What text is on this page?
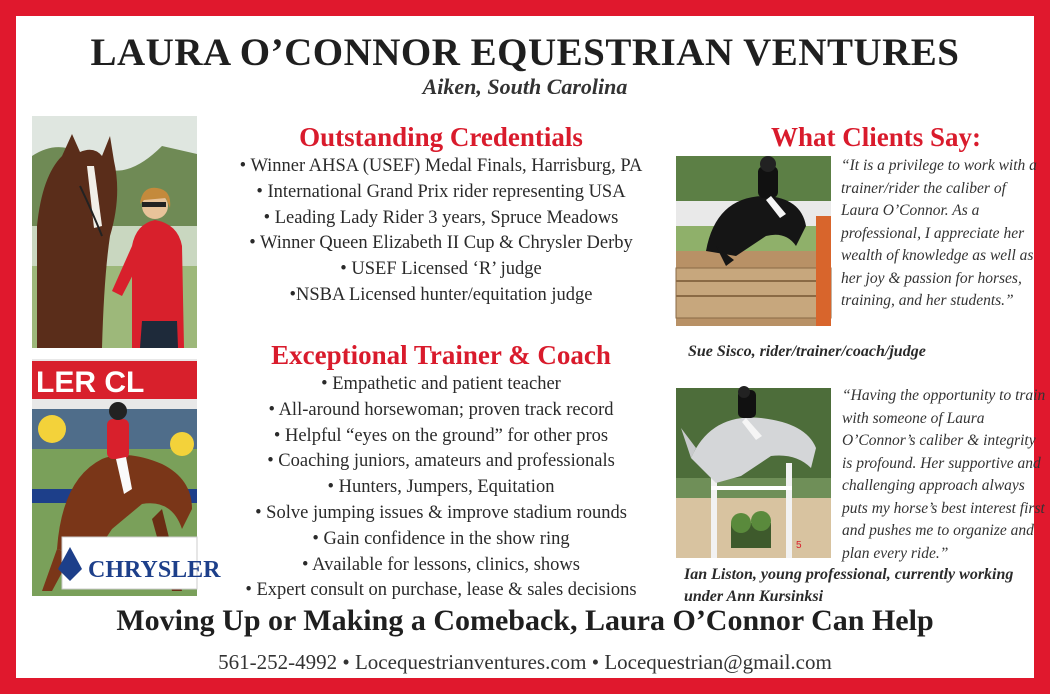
LAURA O’CONNOR EQUESTRIAN VENTURES
Aiken, South Carolina
LER CL
CHRYSLER
Outstanding Credentials
• Winner AHSA (USEF) Medal Finals, Harrisburg, PA
• International Grand Prix rider representing USA
• Leading Lady Rider 3 years, Spruce Meadows
• Winner Queen Elizabeth II Cup & Chrysler Derby
• USEF Licensed ‘R’ judge
•NSBA Licensed hunter/equitation judge
Exceptional Trainer & Coach
• Empathetic and patient teacher
• All-around horsewoman; proven track record
• Helpful “eyes on the ground” for other pros
• Coaching juniors, amateurs and professionals
• Hunters, Jumpers, Equitation
• Solve jumping issues & improve stadium rounds
• Gain confidence in the show ring
• Available for lessons, clinics, shows
• Expert consult on purchase, lease & sales decisions
What Clients Say:
“It is a privilege to work with a trainer/rider the caliber of Laura O’Connor. As a professional, I appreciate her wealth of knowledge as well as her joy & passion for horses, training, and her students.”
Sue Sisco, rider/trainer/coach/judge
5
“Having the opportunity to train with someone of Laura O’Connor’s caliber & integrity is profound. Her supportive and challenging approach always puts my horse’s best interest first and pushes me to organize and plan every ride.”
Ian Liston, young professional, currently working under Ann Kursinksi
Moving Up or Making a Comeback, Laura O’Connor Can Help
561-252-4992 • Locequestrianventures.com • Locequestrian@gmail.com
